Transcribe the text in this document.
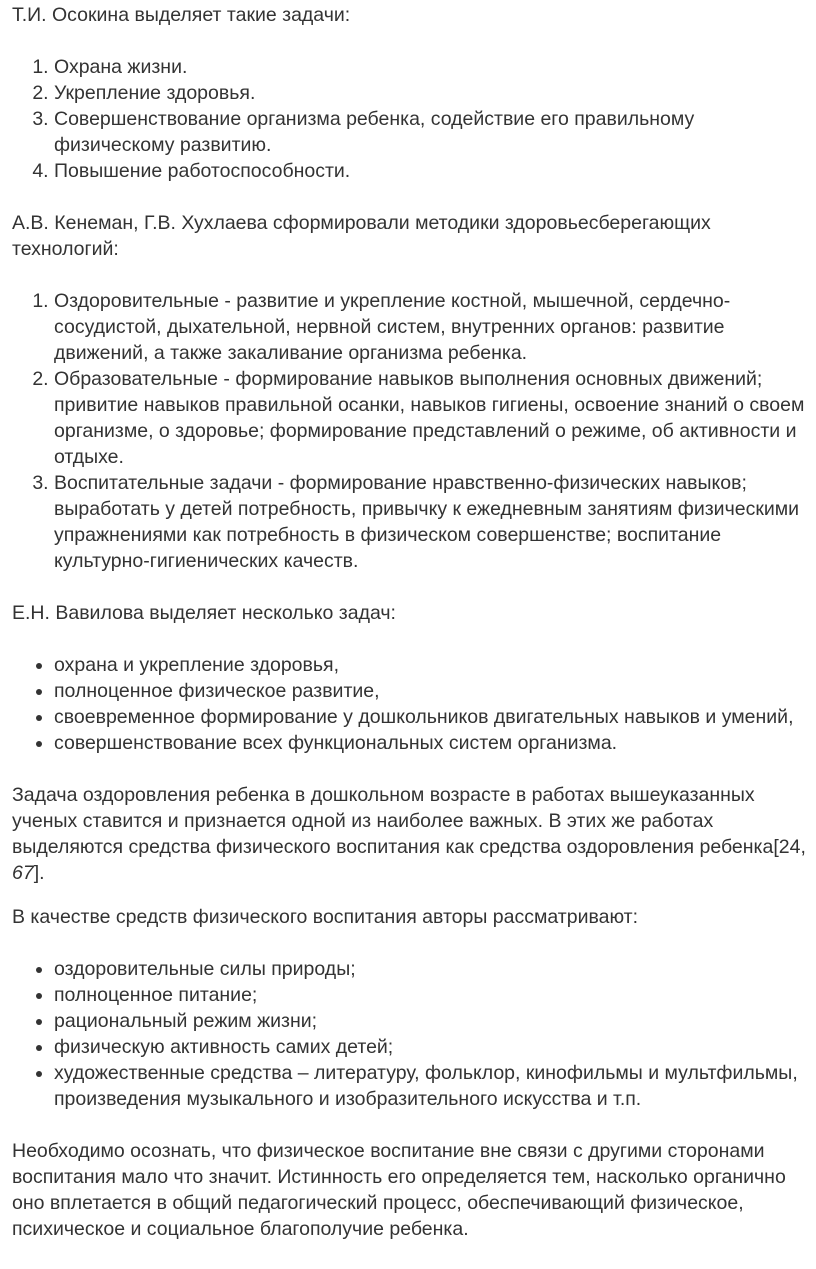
Т.И. Осокина выделяет такие задачи:

1. Охрана жизни.
2. Укрепление здоровья.
3. Совершенствование организма ребенка, содействие его правильному физическому развитию.
4. Повышение работоспособности.

А.В. Кенеман, Г.В. Хухлаева сформировали методики здоровьесберегающих технологий:

1. Оздоровительные - развитие и укрепление костной, мышечной, сердечно-сосудистой, дыхательной, нервной систем, внутренних органов: развитие движений, а также закаливание организма ребенка.
2. Образовательные - формирование навыков выполнения основных движений; привитие навыков правильной осанки, навыков гигиены, освоение знаний о своем организме, о здоровье; формирование представлений о режиме, об активности и отдыхе.
3. Воспитательные задачи - формирование нравственно-физических навыков; выработать у детей потребность, привычку к ежедневным занятиям физическими упражнениями как потребность в физическом совершенстве; воспитание культурно-гигиенических качеств.

Е.Н. Вавилова выделяет несколько задач:

• охрана и укрепление здоровья,
• полноценное физическое развитие,
• своевременное формирование у дошкольников двигательных навыков и умений,
• совершенствование всех функциональных систем организма.

Задача оздоровления ребенка в дошкольном возрасте в работах вышеуказанных ученых ставится и признается одной из наиболее важных. В этих же работах выделяются средства физического воспитания как средства оздоровления ребенка[24, 67].

В качестве средств физического воспитания авторы рассматривают:

• оздоровительные силы природы;
• полноценное питание;
• рациональный режим жизни;
• физическую активность самих детей;
• художественные средства – литературу, фольклор, кинофильмы и мультфильмы, произведения музыкального и изобразительного искусства и т.п.

Необходимо осознать, что физическое воспитание вне связи с другими сторонами воспитания мало что значит. Истинность его определяется тем, насколько органично оно вплетается в общий педагогический процесс, обеспечивающий физическое, психическое и социальное благополучие ребенка.
